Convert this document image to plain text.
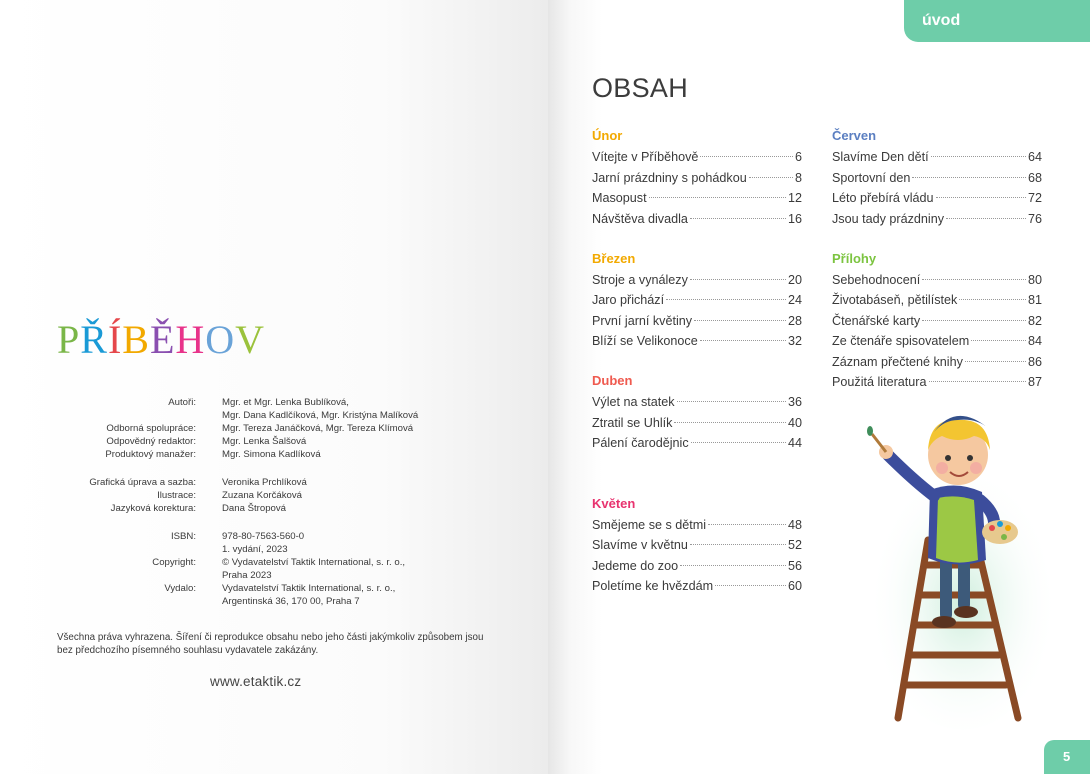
PŘÍBĚHOV
Autoři:	Mgr. et Mgr. Lenka Bublíková,
Mgr. Dana Kadlčíková, Mgr. Kristýna Malíková
Odborná spolupráce:	Mgr. Tereza Janáčková, Mgr. Tereza Klímová
Odpovědný redaktor:	Mgr. Lenka Šalšová
Produktový manažer:	Mgr. Simona Kadlíková
Grafická úprava a sazba:	Veronika Prchlíková
Ilustrace:	Zuzana Korčáková
Jazyková korektura:	Dana Štropová
ISBN:	978-80-7563-560-0
1. vydání, 2023
Copyright:	© Vydavatelství Taktik International, s. r. o.,
Praha 2023
Vydalo:	Vydavatelství Taktik International, s. r. o.,
Argentinská 36, 170 00, Praha 7
Všechna práva vyhrazena. Šíření či reprodukce obsahu nebo jeho části jakýmkoliv způsobem jsou bez předchozího písemného souhlasu vydavatele zakázány.
www.etaktik.cz
úvod
OBSAH
Únor
Vítejte v Příběhově	6
Jarní prázdniny s pohádkou	8
Masopust	12
Návštěva divadla	16
Březen
Stroje a vynálezy	20
Jaro přichází	24
První jarní květiny	28
Blíží se Velikonoce	32
Duben
Výlet na statek	36
Ztratil se Uhlík	40
Pálení čarodějnic	44
Květen
Smějeme se s dětmi	48
Slavíme v květnu	52
Jedeme do zoo	56
Poletíme ke hvězdám	60
Červen
Slavíme Den dětí	64
Sportovní den	68
Léto přebírá vládu	72
Jsou tady prázdniny	76
Přílohy
Sebehodnocení	80
Životabáseň, pětilístek	81
Čtenářské karty	82
Ze čtenáře spisovatelem	84
Záznam přečtené knihy	86
Použitá literatura	87
5
